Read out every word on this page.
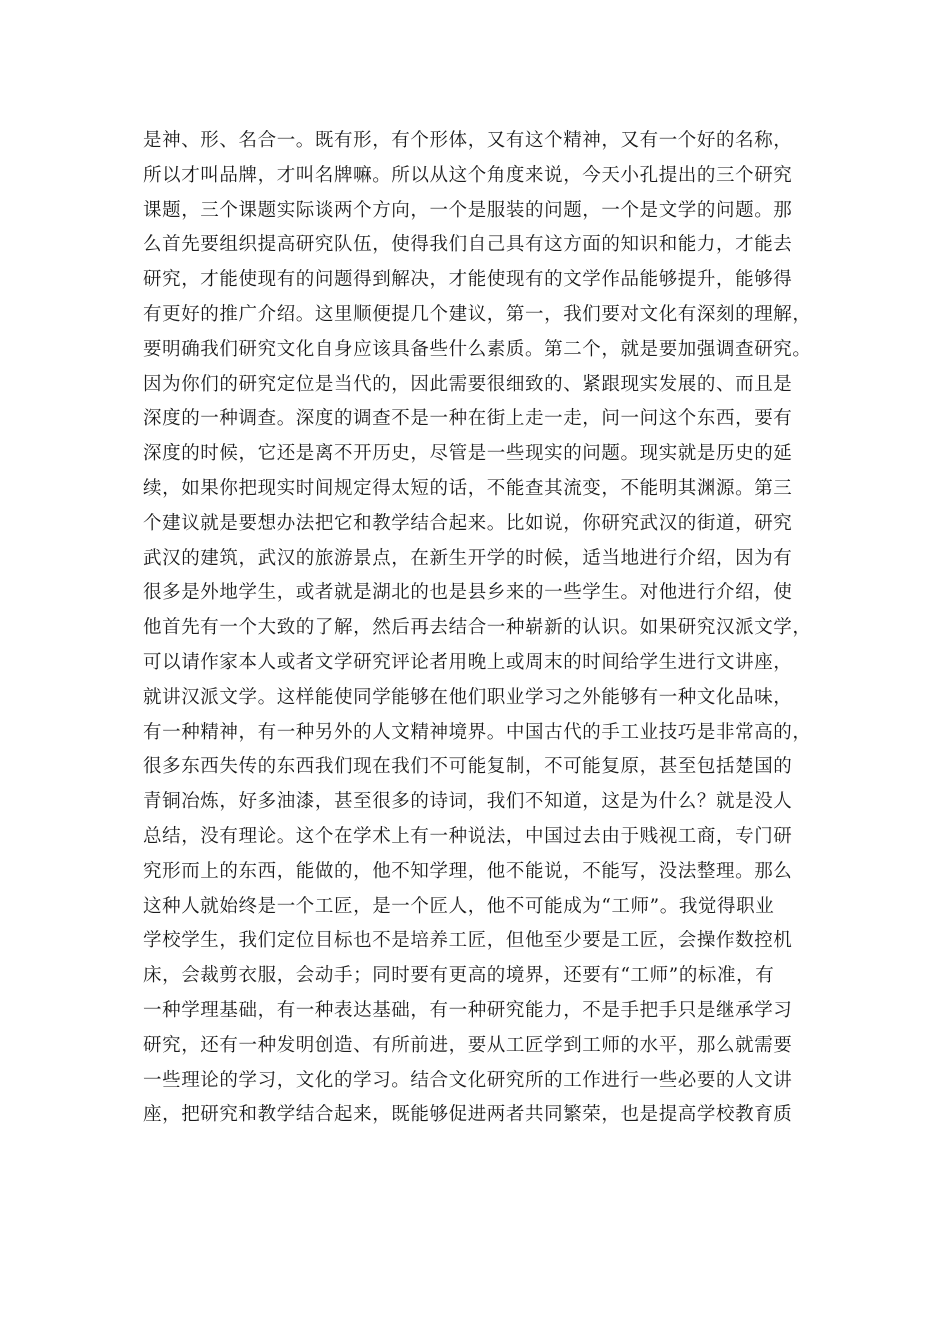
是神、形、名合一。既有形，有个形体，又有这个精神，又有一个好的名称，
所以才叫品牌，才叫名牌嘛。所以从这个角度来说，今天小孔提出的三个研究
课题，三个课题实际谈两个方向，一个是服装的问题，一个是文学的问题。那
么首先要组织提高研究队伍，使得我们自己具有这方面的知识和能力，才能去
研究，才能使现有的问题得到解决，才能使现有的文学作品能够提升，能够得
有更好的推广介绍。这里顺便提几个建议，第一，我们要对文化有深刻的理解，
要明确我们研究文化自身应该具备些什么素质。第二个，就是要加强调查研究。
因为你们的研究定位是当代的，因此需要很细致的、紧跟现实发展的、而且是
深度的一种调查。深度的调查不是一种在街上走一走，问一问这个东西，要有
深度的时候，它还是离不开历史，尽管是一些现实的问题。现实就是历史的延
续，如果你把现实时间规定得太短的话，不能查其流变，不能明其渊源。第三
个建议就是要想办法把它和教学结合起来。比如说，你研究武汉的街道，研究
武汉的建筑，武汉的旅游景点，在新生开学的时候，适当地进行介绍，因为有
很多是外地学生，或者就是湖北的也是县乡来的一些学生。对他进行介绍，使
他首先有一个大致的了解，然后再去结合一种崭新的认识。如果研究汉派文学，
可以请作家本人或者文学研究评论者用晚上或周末的时间给学生进行文讲座，
就讲汉派文学。这样能使同学能够在他们职业学习之外能够有一种文化品味，
有一种精神，有一种另外的人文精神境界。中国古代的手工业技巧是非常高的，
很多东西失传的东西我们现在我们不可能复制，不可能复原，甚至包括楚国的
青铜冶炼，好多油漆，甚至很多的诗词，我们不知道，这是为什么？就是没人
总结，没有理论。这个在学术上有一种说法，中国过去由于贱视工商，专门研
究形而上的东西，能做的，他不知学理，他不能说，不能写，没法整理。那么
这种人就始终是一个工匠，是一个匠人，他不可能成为“工师”。我觉得职业
学校学生，我们定位目标也不是培养工匠，但他至少要是工匠，会操作数控机
床，会裁剪衣服，会动手；同时要有更高的境界，还要有“工师”的标准，有
一种学理基础，有一种表达基础，有一种研究能力，不是手把手只是继承学习
研究，还有一种发明创造、有所前进，要从工匠学到工师的水平，那么就需要
一些理论的学习，文化的学习。结合文化研究所的工作进行一些必要的人文讲
座，把研究和教学结合起来，既能够促进两者共同繁荣，也是提高学校教育质
